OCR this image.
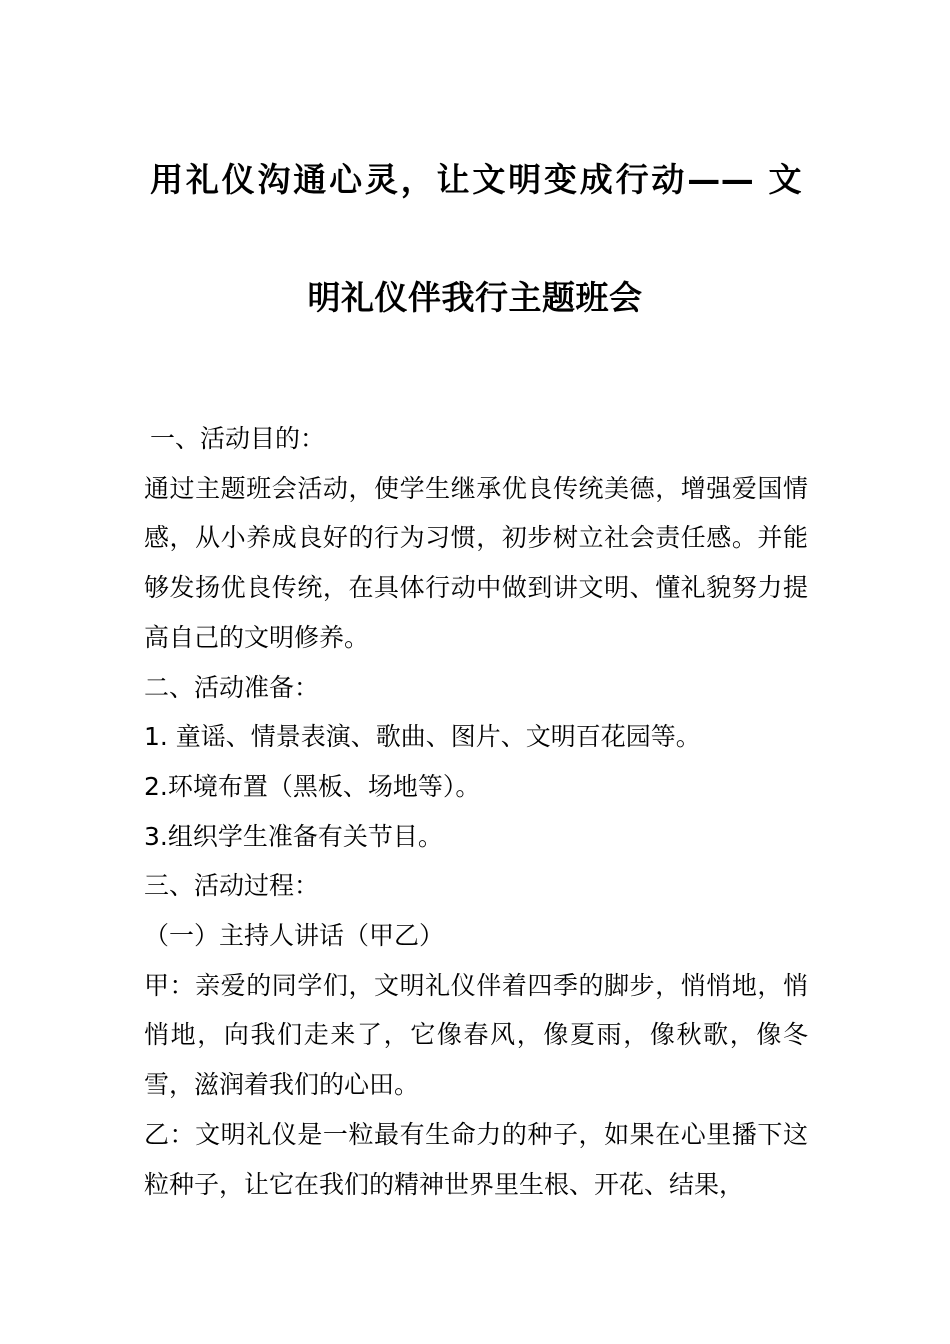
用礼仪沟通心灵，让文明变成行动—— 文
明礼仪伴我行主题班会

一、活动目的：

通过主题班会活动，使学生继承优良传统美德，增强爱国情感，从小养成良好的行为习惯，初步树立社会责任感。并能够发扬优良传统，在具体行动中做到讲文明、懂礼貌努力提高自己的文明修养。

二、活动准备：

1. 童谣、情景表演、歌曲、图片、文明百花园等。

2.环境布置（黑板、场地等）。

3.组织学生准备有关节目。

三、活动过程：

（一）主持人讲话（甲乙）

甲：亲爱的同学们，文明礼仪伴着四季的脚步，悄悄地，悄悄地，向我们走来了，它像春风，像夏雨，像秋歌，像冬雪，滋润着我们的心田。

乙：文明礼仪是一粒最有生命力的种子，如果在心里播下这粒种子，让它在我们的精神世界里生根、开花、结果，
